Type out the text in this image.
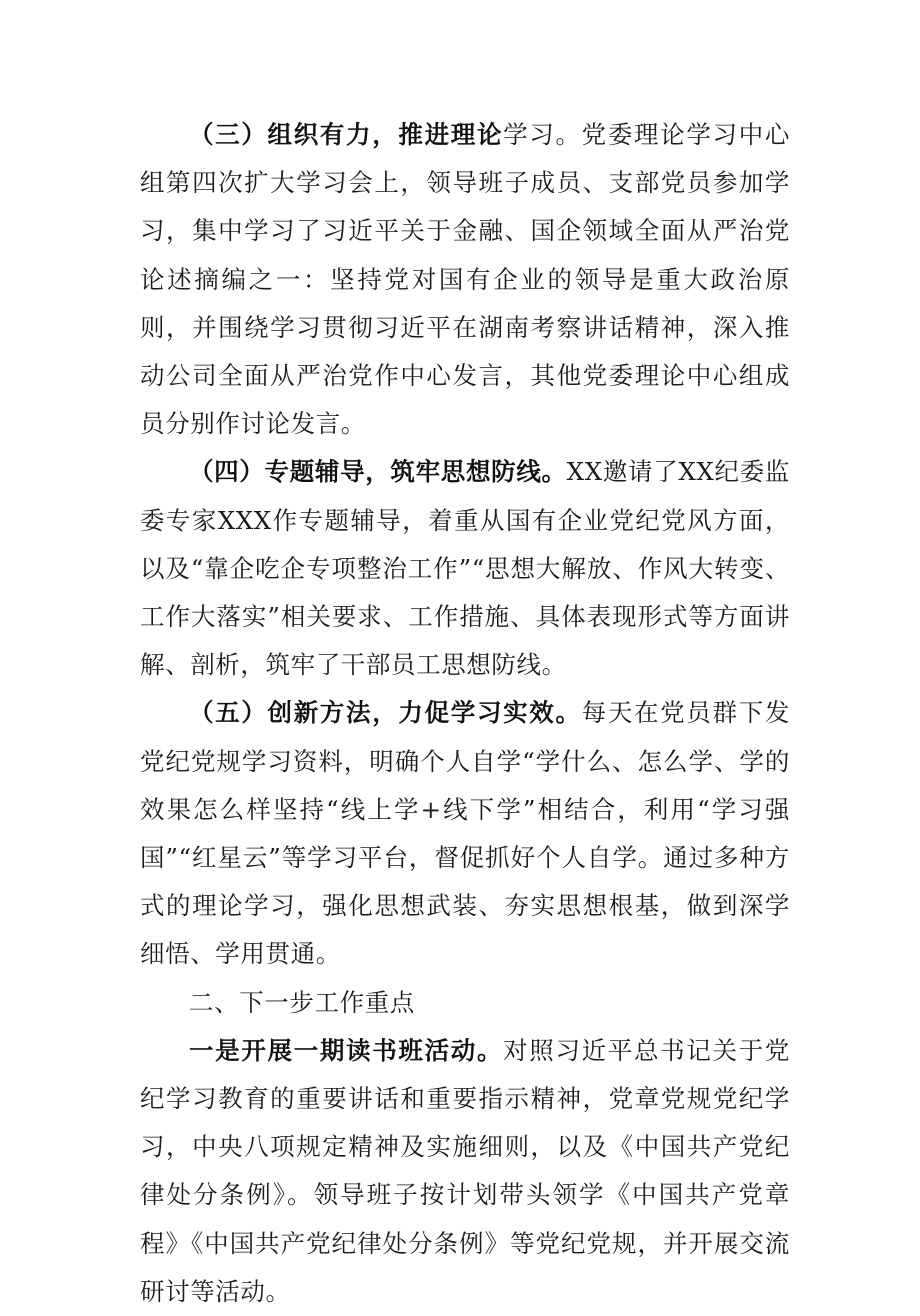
（三）组织有力，推进理论学习。党委理论学习中心组第四次扩大学习会上，领导班子成员、支部党员参加学习，集中学习了习近平关于金融、国企领域全面从严治党论述摘编之一：坚持党对国有企业的领导是重大政治原则，并围绕学习贯彻习近平在湖南考察讲话精神，深入推动公司全面从严治党作中心发言，其他党委理论中心组成员分别作讨论发言。

（四）专题辅导，筑牢思想防线。XX邀请了XX纪委监委专家XXX作专题辅导，着重从国有企业党纪党风方面，以及“靠企吃企专项整治工作”“思想大解放、作风大转变、工作大落实”相关要求、工作措施、具体表现形式等方面讲解、剖析，筑牢了干部员工思想防线。

（五）创新方法，力促学习实效。每天在党员群下发党纪党规学习资料，明确个人自学“学什么、怎么学、学的效果怎么样坚持“线上学+线下学”相结合，利用“学习强国”“红星云”等学习平台，督促抓好个人自学。通过多种方式的理论学习，强化思想武装、夯实思想根基，做到深学细悟、学用贯通。

二、下一步工作重点

一是开展一期读书班活动。对照习近平总书记关于党纪学习教育的重要讲话和重要指示精神，党章党规党纪学习，中央八项规定精神及实施细则，以及《中国共产党纪律处分条例》。领导班子按计划带头领学《中国共产党章程》《中国共产党纪律处分条例》等党纪党规，并开展交流研讨等活动。
